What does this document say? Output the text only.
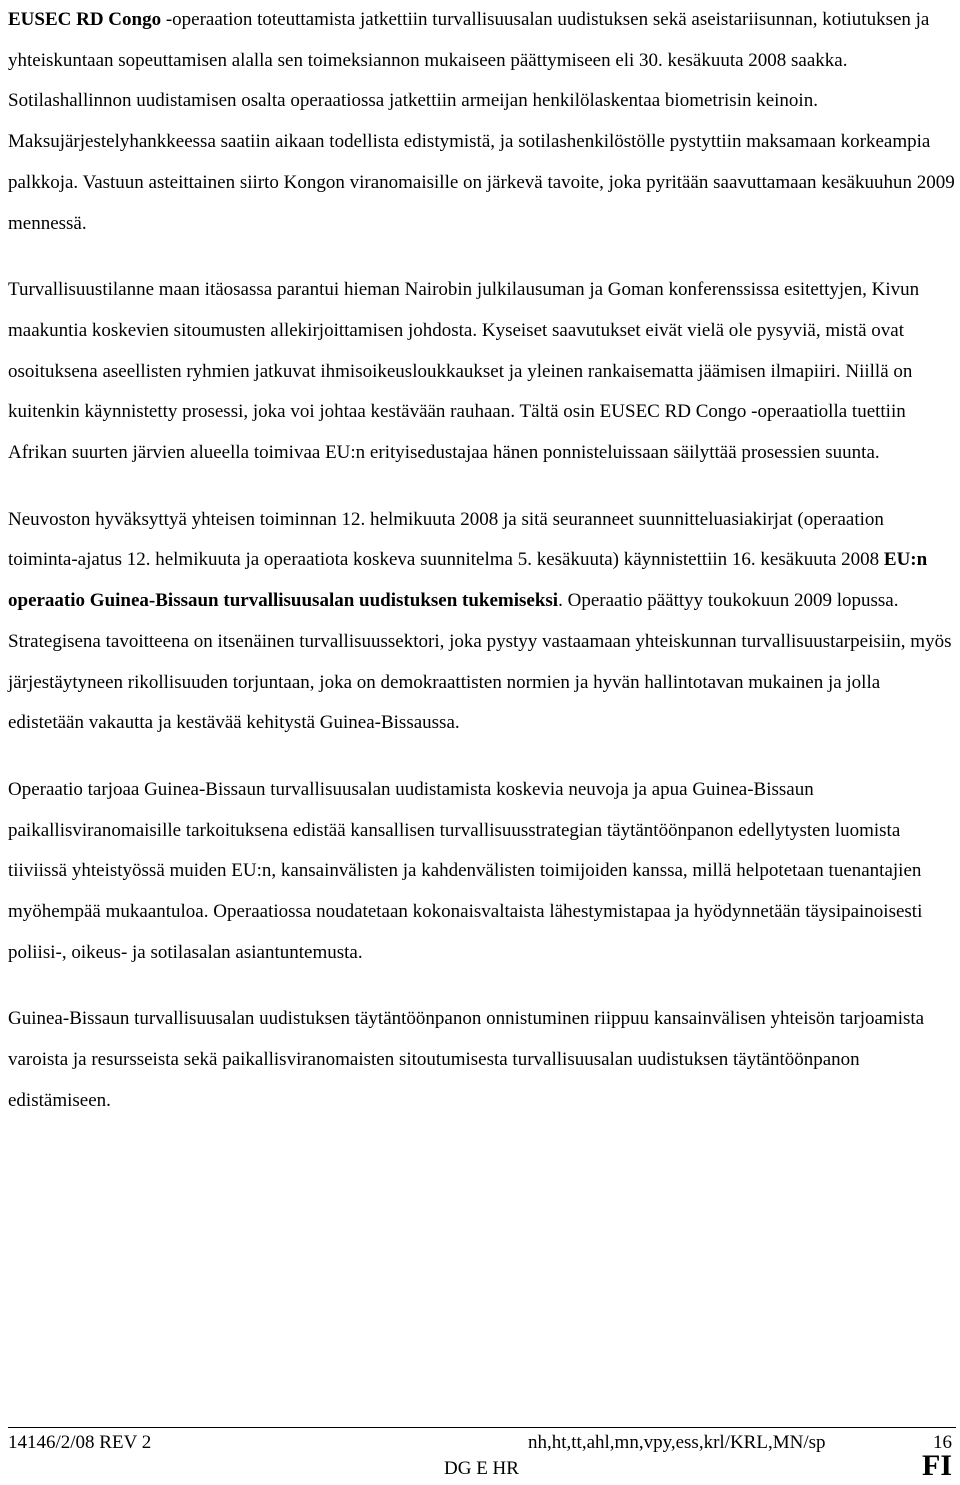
EUSEC RD Congo -operaation toteuttamista jatkettiin turvallisuusalan uudistuksen sekä aseistariisunnan, kotiutuksen ja yhteiskuntaan sopeuttamisen alalla sen toimeksiannon mukaiseen päättymiseen eli 30. kesäkuuta 2008 saakka. Sotilashallinnon uudistamisen osalta operaatiossa jatkettiin armeijan henkilölaskentaa biometrisin keinoin. Maksujärjestelyhankkeessa saatiin aikaan todellista edistymistä, ja sotilashenkilöstölle pystyttiin maksamaan korkeampia palkkoja. Vastuun asteittainen siirto Kongon viranomaisille on järkevä tavoite, joka pyritään saavuttamaan kesäkuuhun 2009 mennessä.

Turvallisuustilanne maan itäosassa parantui hieman Nairobin julkilausuman ja Goman konferenssissa esitettyjen, Kivun maakuntia koskevien sitoumusten allekirjoittamisen johdosta. Kyseiset saavutukset eivät vielä ole pysyviä, mistä ovat osoituksena aseellisten ryhmien jatkuvat ihmisoikeusloukkaukset ja yleinen rankaisematta jäämisen ilmapiiri. Niillä on kuitenkin käynnistetty prosessi, joka voi johtaa kestävään rauhaan. Tältä osin EUSEC RD Congo -operaatiolla tuettiin Afrikan suurten järvien alueella toimivaa EU:n erityisedustajaa hänen ponnisteluissaan säilyttää prosessien suunta.

Neuvoston hyväksyttyä yhteisen toiminnan 12. helmikuuta 2008 ja sitä seuranneet suunnitteluasiakirjat (operaation toiminta-ajatus 12. helmikuuta ja operaatiota koskeva suunnitelma 5. kesäkuuta) käynnistettiin 16. kesäkuuta 2008 EU:n operaatio Guinea-Bissaun turvallisuusalan uudistuksen tukemiseksi. Operaatio päättyy toukokuun 2009 lopussa. Strategisena tavoitteena on itsenäinen turvallisuussektori, joka pystyy vastaamaan yhteiskunnan turvallisuustarpeisiin, myös järjestäytyneen rikollisuuden torjuntaan, joka on demokraattisten normien ja hyvän hallintotavan mukainen ja jolla edistetään vakautta ja kestävää kehitystä Guinea-Bissaussa.

Operaatio tarjoaa Guinea-Bissaun turvallisuusalan uudistamista koskevia neuvoja ja apua Guinea-Bissaun paikallisviranomaisille tarkoituksena edistää kansallisen turvallisuusstrategian täytäntöönpanon edellytysten luomista tiiviissä yhteistyössä muiden EU:n, kansainvälisten ja kahdenvälisten toimijoiden kanssa, millä helpotetaan tuenantajien myöhempää mukaantuloa. Operaatiossa noudatetaan kokonaisvaltaista lähestymistapaa ja hyödynnetään täysipainoisesti poliisi-, oikeus- ja sotilasalan asiantuntemusta.

Guinea-Bissaun turvallisuusalan uudistuksen täytäntöönpanon onnistuminen riippuu kansainvälisen yhteisön tarjoamista varoista ja resursseista sekä paikallisviranomaisten sitoutumisesta turvallisuusalan uudistuksen täytäntöönpanon edistämiseen.

14146/2/08 REV 2	nh,ht,tt,ahl,mn,vpy,ess,krl/KRL,MN/sp	16
DG E HR	FI
